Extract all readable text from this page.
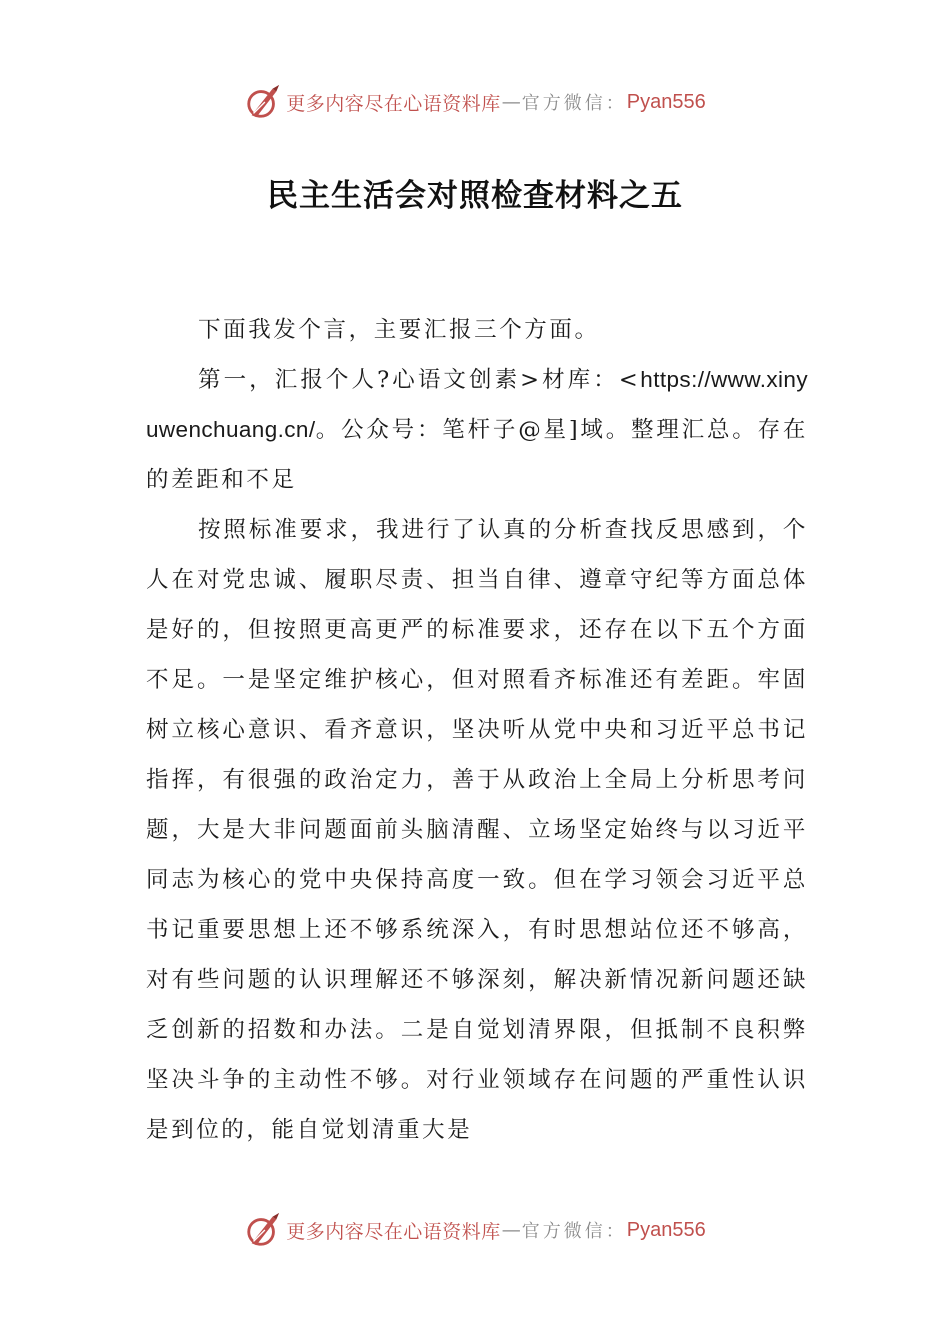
更多内容尽在心语资料库 — 官方微信： Pyan556
民主生活会对照检查材料之五

下面我发个言，主要汇报三个方面。

第一，汇报个人?心语文创素>材库：<https://www.xinyuwenchuang.cn/。公众号：笔杆子@星]域。整理汇总。存在的差距和不足

按照标准要求，我进行了认真的分析查找反思感到，个人在对党忠诚、履职尽责、担当自律、遵章守纪等方面总体是好的，但按照更高更严的标准要求，还存在以下五个方面不足。一是坚定维护核心，但对照看齐标准还有差距。牢固树立核心意识、看齐意识，坚决听从党中央和习近平总书记指挥，有很强的政治定力，善于从政治上全局上分析思考问题，大是大非问题面前头脑清醒、立场坚定始终与以习近平同志为核心的党中央保持高度一致。但在学习领会习近平总书记重要思想上还不够系统深入，有时思想站位还不够高，对有些问题的认识理解还不够深刻，解决新情况新问题还缺乏创新的招数和办法。二是自觉划清界限，但抵制不良积弊坚决斗争的主动性不够。对行业领域存在问题的严重性认识是到位的，能自觉划清重大是

更多内容尽在心语资料库 — 官方微信： Pyan556
